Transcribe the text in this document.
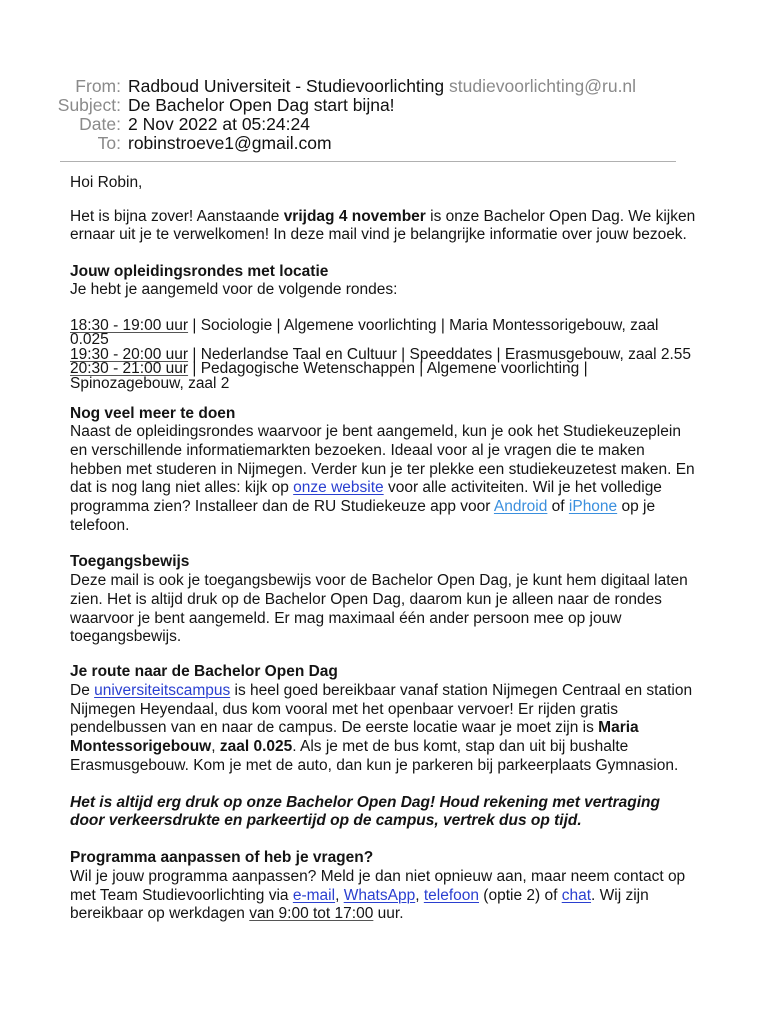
From: Radboud Universiteit - Studievoorlichting studievoorlichting@ru.nl
Subject: De Bachelor Open Dag start bijna!
Date: 2 Nov 2022 at 05:24:24
To: robinstroeve1@gmail.com
Hoi Robin,
Het is bijna zover! Aanstaande vrijdag 4 november is onze Bachelor Open Dag. We kijken
ernaar uit je te verwelkomen! In deze mail vind je belangrijke informatie over jouw bezoek.
Jouw opleidingsrondes met locatie
Je hebt je aangemeld voor de volgende rondes:
18:30 - 19:00 uur | Sociologie | Algemene voorlichting | Maria Montessorigebouw, zaal
0.025
19:30 - 20:00 uur | Nederlandse Taal en Cultuur | Speeddates | Erasmusgebouw, zaal 2.55
20:30 - 21:00 uur | Pedagogische Wetenschappen | Algemene voorlichting |
Spinozagebouw, zaal 2
Nog veel meer te doen
Naast de opleidingsrondes waarvoor je bent aangemeld, kun je ook het Studiekeuzeplein
en verschillende informatiemarkten bezoeken. Ideaal voor al je vragen die te maken
hebben met studeren in Nijmegen. Verder kun je ter plekke een studiekeuzetest maken. En
dat is nog lang niet alles: kijk op onze website voor alle activiteiten. Wil je het volledige
programma zien? Installeer dan de RU Studiekeuze app voor Android of iPhone op je
telefoon.
Toegangsbewijs
Deze mail is ook je toegangsbewijs voor de Bachelor Open Dag, je kunt hem digitaal laten
zien. Het is altijd druk op de Bachelor Open Dag, daarom kun je alleen naar de rondes
waarvoor je bent aangemeld. Er mag maximaal één ander persoon mee op jouw
toegangsbewijs.
Je route naar de Bachelor Open Dag
De universiteitscampus is heel goed bereikbaar vanaf station Nijmegen Centraal en station
Nijmegen Heyendaal, dus kom vooral met het openbaar vervoer! Er rijden gratis
pendelbussen van en naar de campus. De eerste locatie waar je moet zijn is Maria
Montessorigebouw, zaal 0.025. Als je met de bus komt, stap dan uit bij bushalte
Erasmusgebouw. Kom je met de auto, dan kun je parkeren bij parkeerplaats Gymnasion.
Het is altijd erg druk op onze Bachelor Open Dag! Houd rekening met vertraging
door verkeersdrukte en parkeertijd op de campus, vertrek dus op tijd.
Programma aanpassen of heb je vragen?
Wil je jouw programma aanpassen? Meld je dan niet opnieuw aan, maar neem contact op
met Team Studievoorlichting via e-mail, WhatsApp, telefoon (optie 2) of chat. Wij zijn
bereikbaar op werkdagen van 9:00 tot 17:00 uur.
